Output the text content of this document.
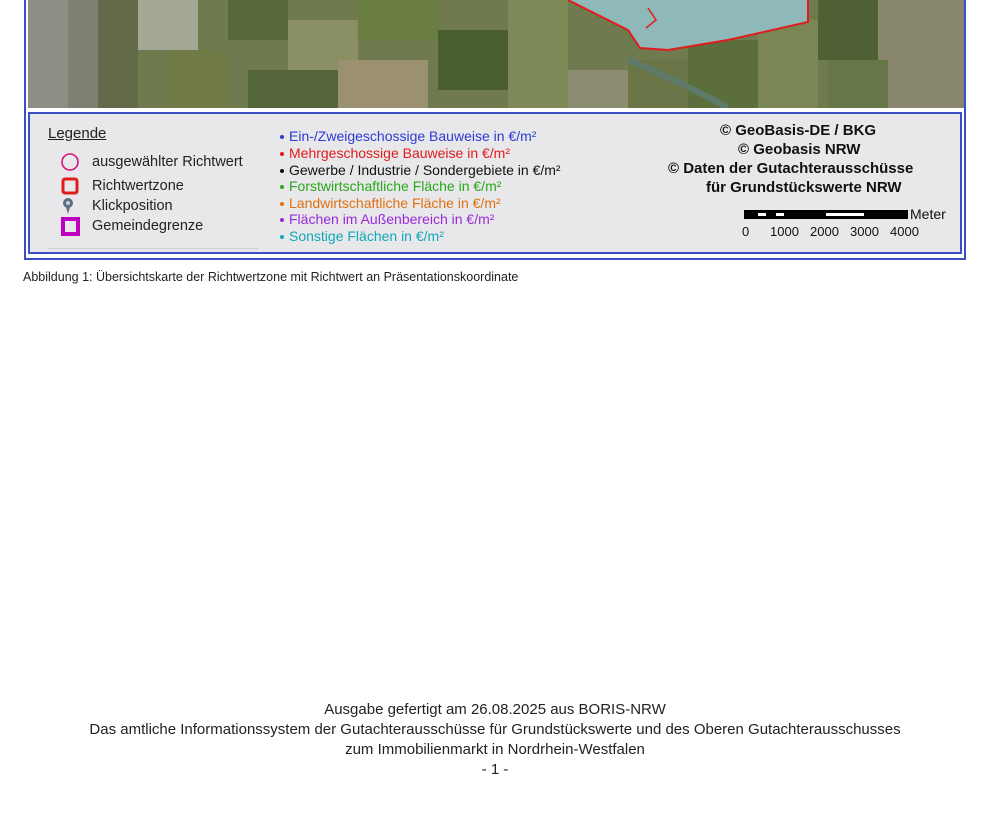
Legende
ausgewählter Richtwert
Richtwertzone
Klickposition
Gemeindegrenze
Ein-/Zweigeschossige Bauweise in €/m²
Mehrgeschossige Bauweise in €/m²
Gewerbe / Industrie / Sondergebiete in €/m²
Forstwirtschaftliche Fläche in €/m²
Landwirtschaftliche Fläche in €/m²
Flächen im Außenbereich in €/m²
Sonstige Flächen in €/m²
© GeoBasis-DE / BKG
© Geobasis NRW
© Daten der Gutachterausschüsse
für Grundstückswerte NRW
Meter
0 1000 2000 3000 4000
Abbildung 1: Übersichtskarte der Richtwertzone mit Richtwert an Präsentationskoordinate
Ausgabe gefertigt am 26.08.2025 aus BORIS-NRW
Das amtliche Informationssystem der Gutachterausschüsse für Grundstückswerte und des Oberen Gutachterausschusses
zum Immobilienmarkt in Nordrhein-Westfalen
- 1 -
